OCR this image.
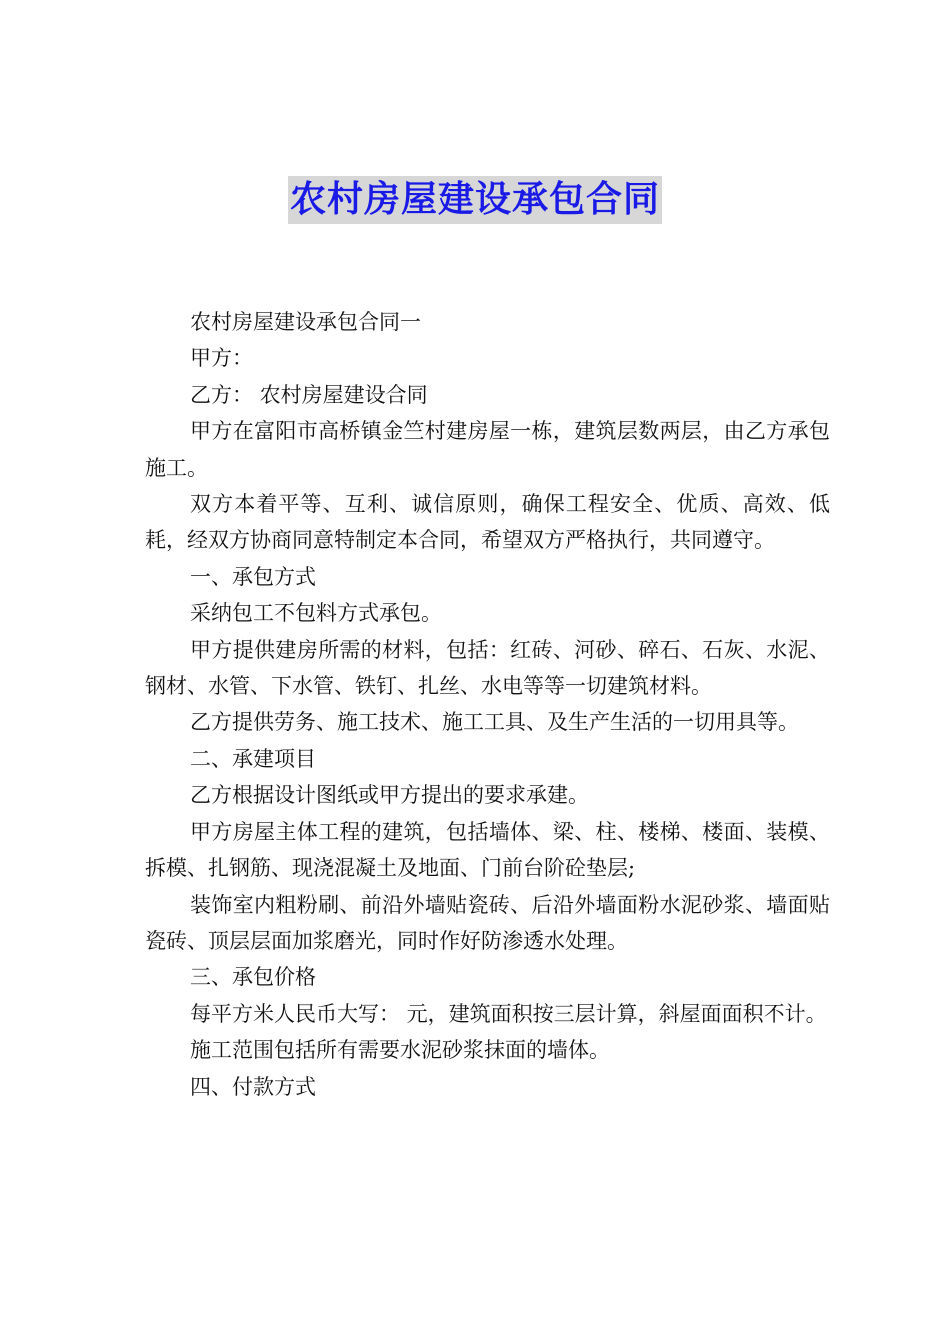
农村房屋建设承包合同

农村房屋建设承包合同一

甲方：

乙方： 农村房屋建设合同

甲方在富阳市高桥镇金竺村建房屋一栋，建筑层数两层，由乙方承包施工。

双方本着平等、互利、诚信原则，确保工程安全、优质、高效、低耗，经双方协商同意特制定本合同，希望双方严格执行，共同遵守。

一、承包方式

采纳包工不包料方式承包。

甲方提供建房所需的材料，包括：红砖、河砂、碎石、石灰、水泥、钢材、水管、下水管、铁钉、扎丝、水电等等一切建筑材料。

乙方提供劳务、施工技术、施工工具、及生产生活的一切用具等。

二、承建项目

乙方根据设计图纸或甲方提出的要求承建。

甲方房屋主体工程的建筑，包括墙体、梁、柱、楼梯、楼面、装模、拆模、扎钢筋、现浇混凝土及地面、门前台阶砼垫层;

装饰室内粗粉刷、前沿外墙贴瓷砖、后沿外墙面粉水泥砂浆、墙面贴瓷砖、顶层层面加浆磨光，同时作好防渗透水处理。

三、承包价格

每平方米人民币大写： 元，建筑面积按三层计算，斜屋面面积不计。

施工范围包括所有需要水泥砂浆抹面的墙体。

四、付款方式
